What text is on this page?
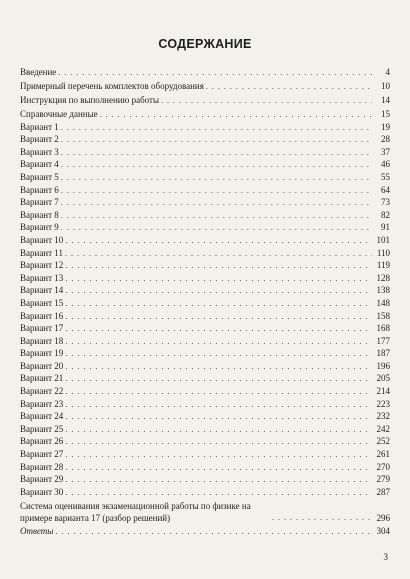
СОДЕРЖАНИЕ
Введение . . .	4
Примерный перечень комплектов оборудования . . .	10
Инструкция по выполнению работы . . .	14
Справочные данные . . .	15
Вариант 1 . . .	19
Вариант 2 . . .	28
Вариант 3 . . .	37
Вариант 4 . . .	46
Вариант 5 . . .	55
Вариант 6 . . .	64
Вариант 7 . . .	73
Вариант 8 . . .	82
Вариант 9 . . .	91
Вариант 10 . . .	101
Вариант 11 . . .	110
Вариант 12 . . .	119
Вариант 13 . . .	128
Вариант 14 . . .	138
Вариант 15 . . .	148
Вариант 16 . . .	158
Вариант 17 . . .	168
Вариант 18 . . .	177
Вариант 19 . . .	187
Вариант 20 . . .	196
Вариант 21 . . .	205
Вариант 22 . . .	214
Вариант 23 . . .	223
Вариант 24 . . .	232
Вариант 25 . . .	242
Вариант 26 . . .	252
Вариант 27 . . .	261
Вариант 28 . . .	270
Вариант 29 . . .	279
Вариант 30 . . .	287
Система оценивания экзаменационной работы по физике на примере варианта 17 (разбор решений) . . .	296
Ответы . . .	304
3
